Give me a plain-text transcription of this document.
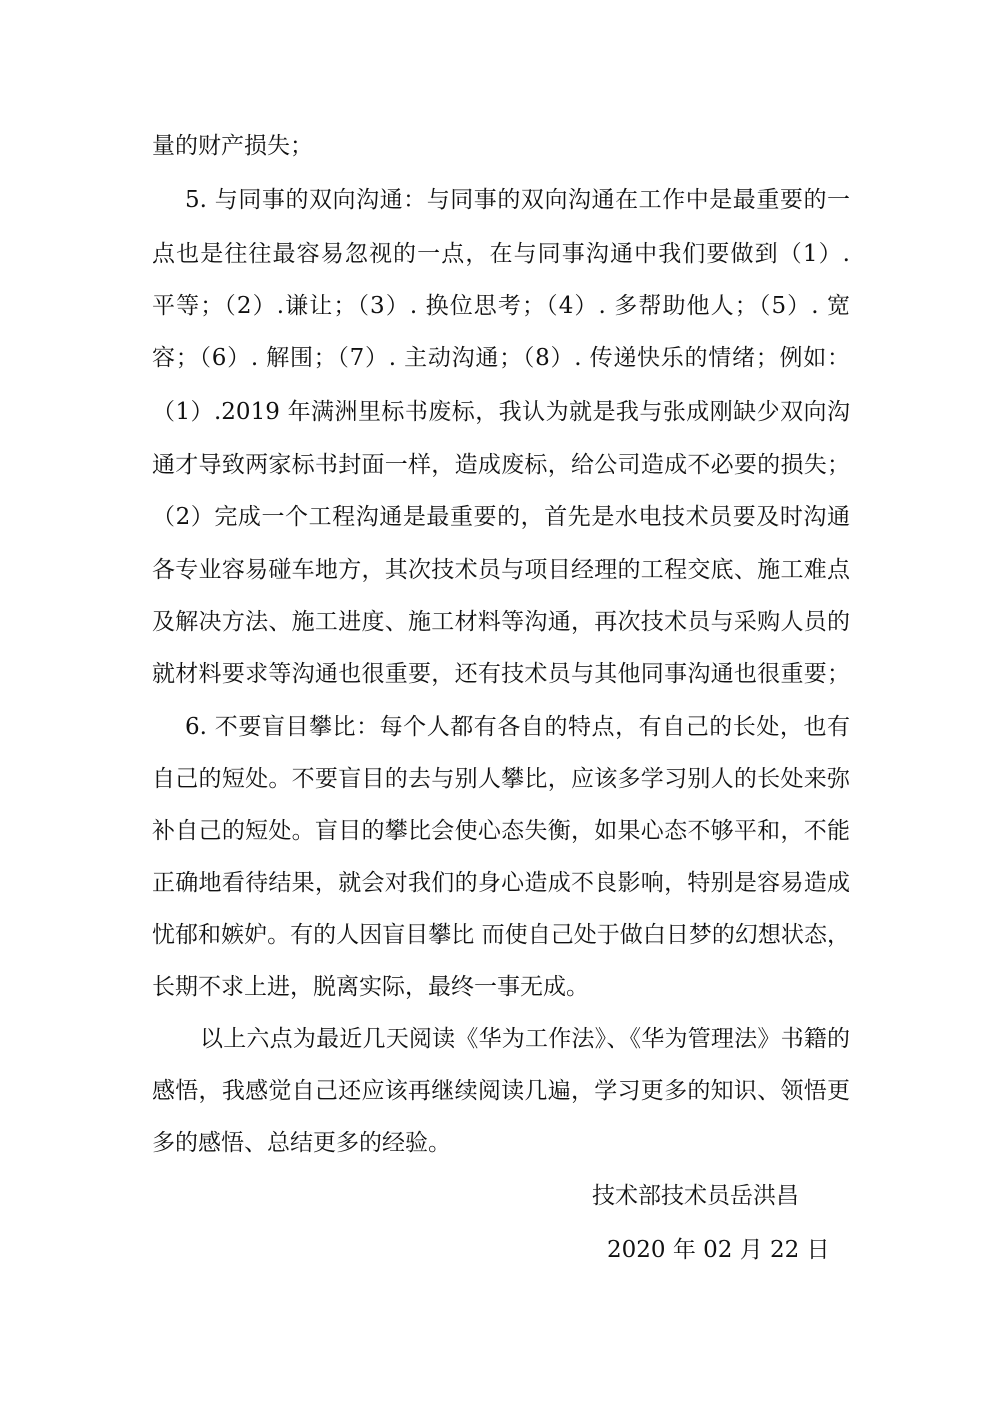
量的财产损失；
5. 与同事的双向沟通：与同事的双向沟通在工作中是最重要的一
点也是往往最容易忽视的一点，在与同事沟通中我们要做到（1）.
平等；（2）.谦让；（3）. 换位思考；（4）. 多帮助他人；（5）. 宽
容；（6）. 解围；（7）. 主动沟通；（8）. 传递快乐的情绪；例如：
（1）.2019 年满洲里标书废标，我认为就是我与张成刚缺少双向沟
通才导致两家标书封面一样，造成废标，给公司造成不必要的损失；
（2）完成一个工程沟通是最重要的，首先是水电技术员要及时沟通
各专业容易碰车地方，其次技术员与项目经理的工程交底、施工难点
及解决方法、施工进度、施工材料等沟通，再次技术员与采购人员的
就材料要求等沟通也很重要，还有技术员与其他同事沟通也很重要；
6. 不要盲目攀比：每个人都有各自的特点，有自己的长处，也有
自己的短处。不要盲目的去与别人攀比，应该多学习别人的长处来弥
补自己的短处。盲目的攀比会使心态失衡，如果心态不够平和，不能
正确地看待结果，就会对我们的身心造成不良影响，特别是容易造成
忧郁和嫉妒。有的人因盲目攀比 而使自己处于做白日梦的幻想状态，
长期不求上进，脱离实际，最终一事无成。
以上六点为最近几天阅读《华为工作法》、《华为管理法》书籍的
感悟，我感觉自己还应该再继续阅读几遍，学习更多的知识、领悟更
多的感悟、总结更多的经验。
技术部技术员岳洪昌
2020 年 02 月 22 日
